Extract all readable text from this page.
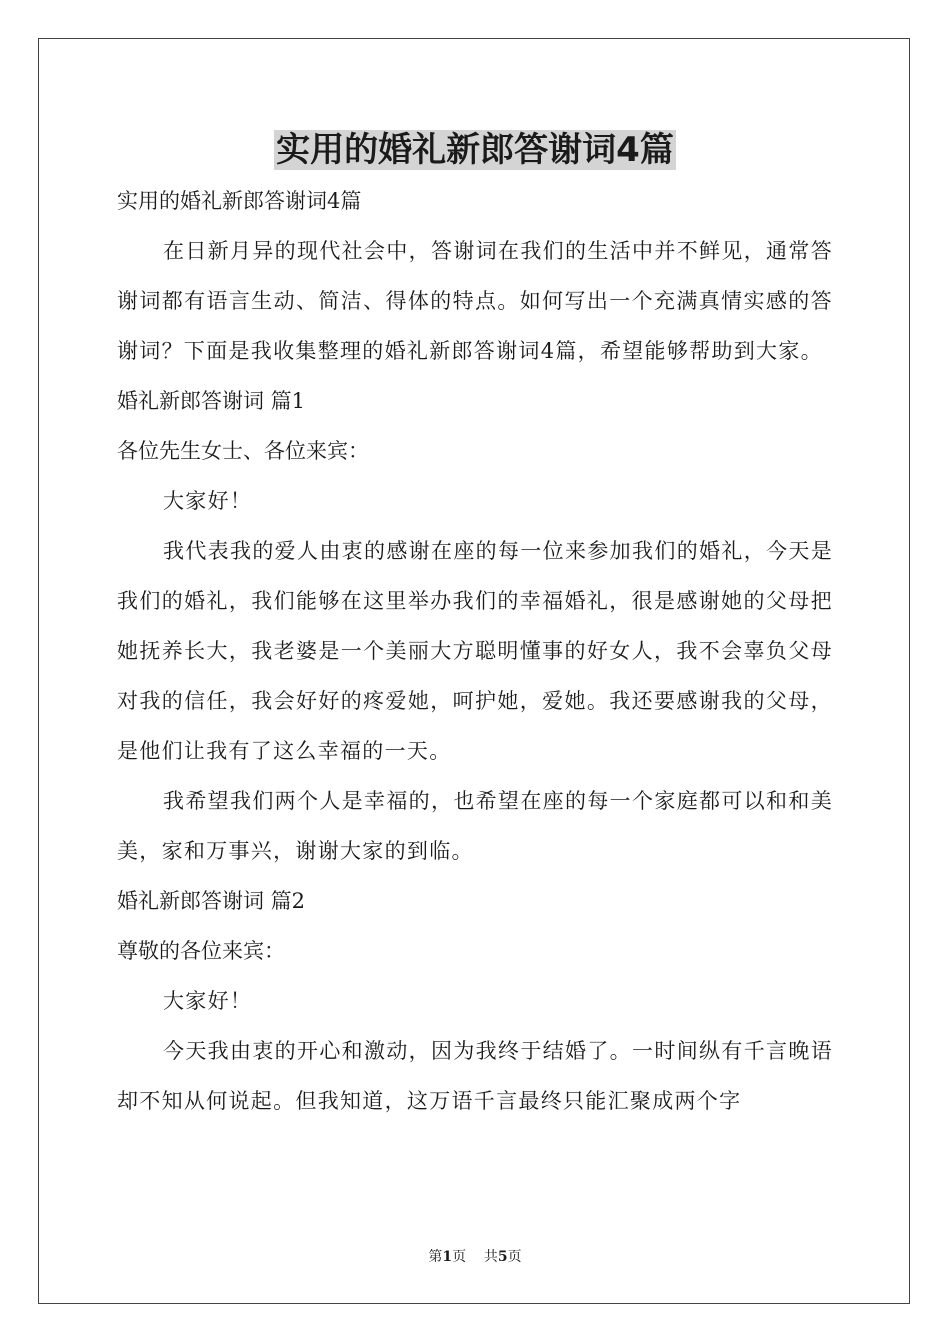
实用的婚礼新郎答谢词4篇

实用的婚礼新郎答谢词4篇

在日新月异的现代社会中，答谢词在我们的生活中并不鲜见，通常答谢词都有语言生动、简洁、得体的特点。如何写出一个充满真情实感的答谢词？下面是我收集整理的婚礼新郎答谢词4篇，希望能够帮助到大家。

婚礼新郎答谢词 篇1

各位先生女士、各位来宾：

大家好！

我代表我的爱人由衷的感谢在座的每一位来参加我们的婚礼，今天是我们的婚礼，我们能够在这里举办我们的幸福婚礼，很是感谢她的父母把她抚养长大，我老婆是一个美丽大方聪明懂事的好女人，我不会辜负父母对我的信任，我会好好的疼爱她，呵护她，爱她。我还要感谢我的父母，是他们让我有了这么幸福的一天。

我希望我们两个人是幸福的，也希望在座的每一个家庭都可以和和美美，家和万事兴，谢谢大家的到临。

婚礼新郎答谢词 篇2

尊敬的各位来宾：

大家好！

今天我由衷的开心和激动，因为我终于结婚了。一时间纵有千言晚语却不知从何说起。但我知道，这万语千言最终只能汇聚成两个字

第1页    共5页
